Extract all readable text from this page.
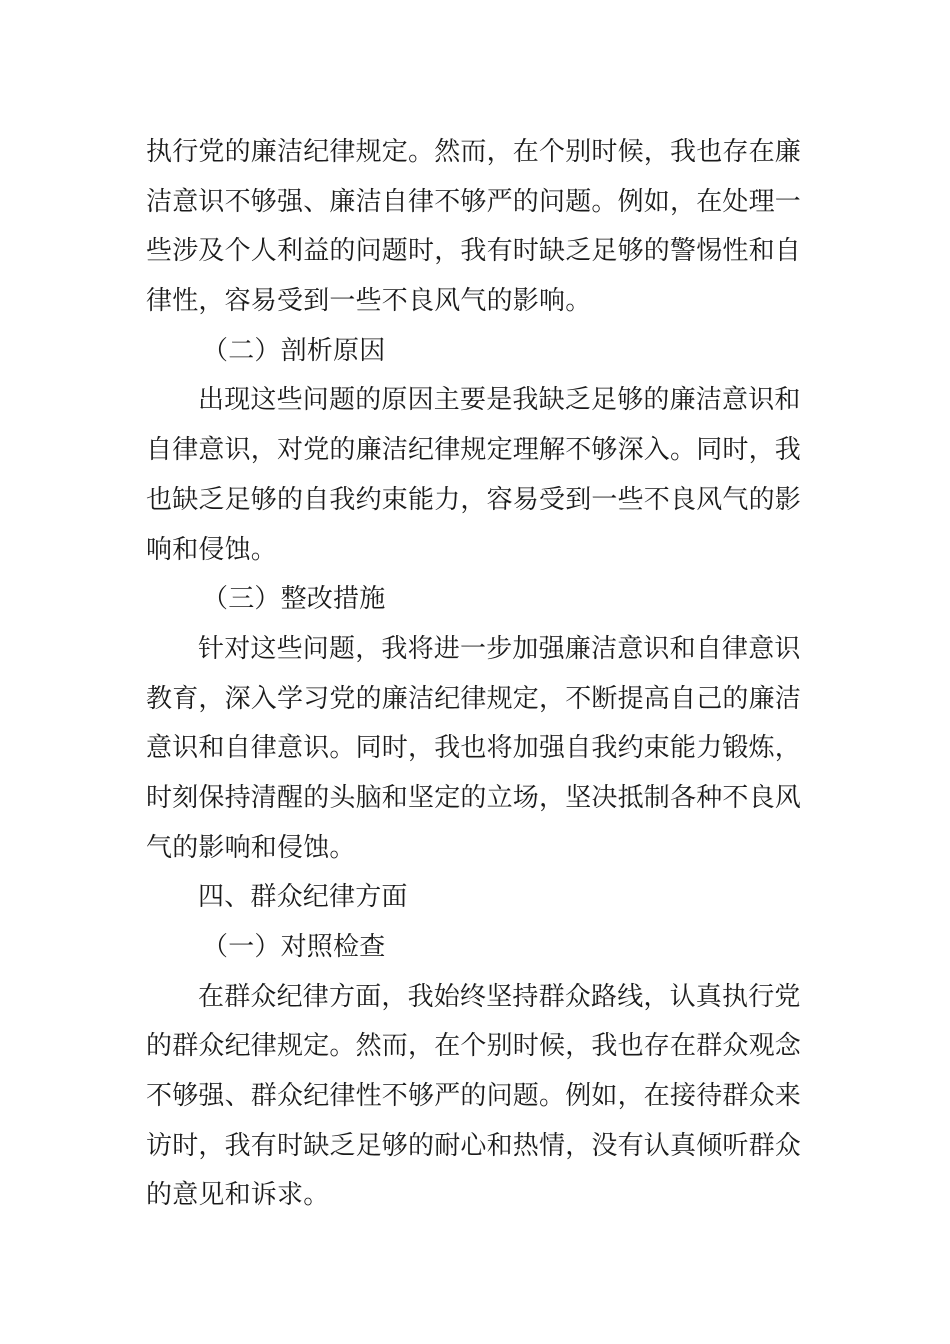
执行党的廉洁纪律规定。然而，在个别时候，我也存在廉
洁意识不够强、廉洁自律不够严的问题。例如，在处理一
些涉及个人利益的问题时，我有时缺乏足够的警惕性和自
律性，容易受到一些不良风气的影响。
（二）剖析原因
出现这些问题的原因主要是我缺乏足够的廉洁意识和
自律意识，对党的廉洁纪律规定理解不够深入。同时，我
也缺乏足够的自我约束能力，容易受到一些不良风气的影
响和侵蚀。
（三）整改措施
针对这些问题，我将进一步加强廉洁意识和自律意识
教育，深入学习党的廉洁纪律规定，不断提高自己的廉洁
意识和自律意识。同时，我也将加强自我约束能力锻炼，
时刻保持清醒的头脑和坚定的立场，坚决抵制各种不良风
气的影响和侵蚀。
四、群众纪律方面
（一）对照检查
在群众纪律方面，我始终坚持群众路线，认真执行党
的群众纪律规定。然而，在个别时候，我也存在群众观念
不够强、群众纪律性不够严的问题。例如，在接待群众来
访时，我有时缺乏足够的耐心和热情，没有认真倾听群众
的意见和诉求。
